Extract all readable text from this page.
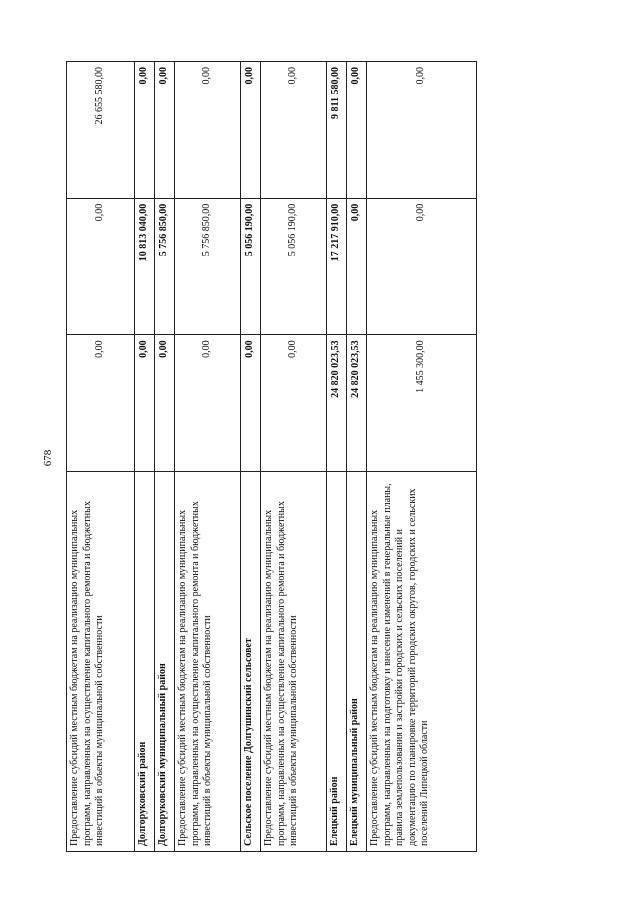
678
Предоставление субсидий местным бюджетам на реализацию муниципальных программ, направленных на осуществление капитального ремонта и бюджетных инвестиций в объекты муниципальной собственности	0,00	0,00	26 655 580,00
Долгоруковский район	0,00	10 813 040,00	0,00
Долгоруковский муниципальный район	0,00	5 756 850,00	0,00
Предоставление субсидий местным бюджетам на реализацию муниципальных программ, направленных на осуществление капитального ремонта и бюджетных инвестиций в объекты муниципальной собственности	0,00	5 756 850,00	0,00
Сельское поселение Долгушинский сельсовет	0,00	5 056 190,00	0,00
Предоставление субсидий местным бюджетам на реализацию муниципальных программ, направленных на осуществление капитального ремонта и бюджетных инвестиций в объекты муниципальной собственности	0,00	5 056 190,00	0,00
Елецкий район	24 820 023,53	17 217 910,00	9 811 580,00
Елецкий муниципальный район	24 820 023,53	0,00	0,00
Предоставление субсидий местным бюджетам на реализацию муниципальных программ, направленных на подготовку и внесение изменений в генеральные планы, правила землепользования и застройки городских и сельских поселений и документацию по планировке территорий городских округов, городских и сельских поселений Липецкой области	1 455 300,00	0,00	0,00
